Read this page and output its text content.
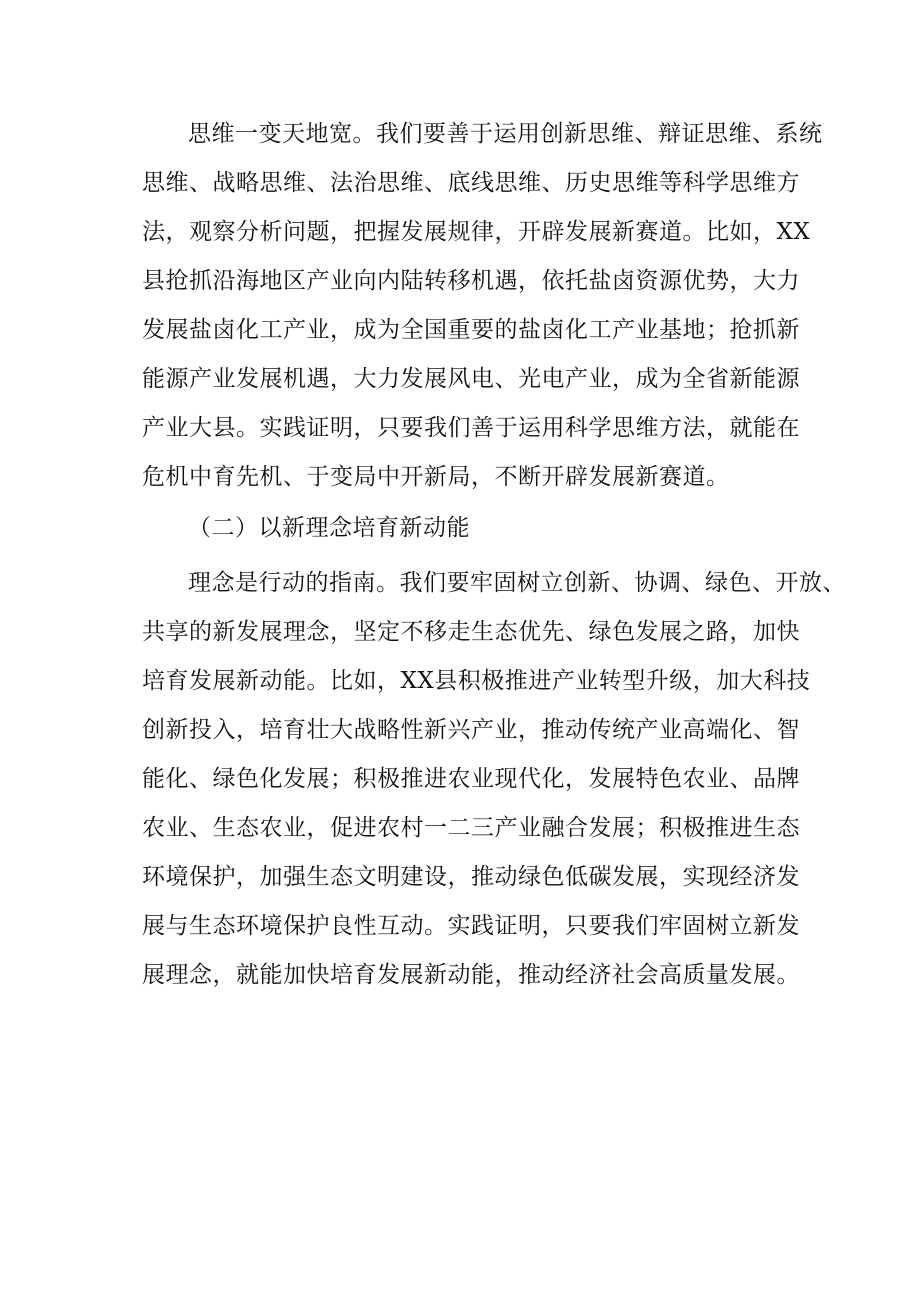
思维一变天地宽。我们要善于运用创新思维、辩证思维、系统
思维、战略思维、法治思维、底线思维、历史思维等科学思维方
法，观察分析问题，把握发展规律，开辟发展新赛道。比如，XX
县抢抓沿海地区产业向内陆转移机遇，依托盐卤资源优势，大力
发展盐卤化工产业，成为全国重要的盐卤化工产业基地；抢抓新
能源产业发展机遇，大力发展风电、光电产业，成为全省新能源
产业大县。实践证明，只要我们善于运用科学思维方法，就能在
危机中育先机、于变局中开新局，不断开辟发展新赛道。
（二）以新理念培育新动能
理念是行动的指南。我们要牢固树立创新、协调、绿色、开放、
共享的新发展理念，坚定不移走生态优先、绿色发展之路，加快
培育发展新动能。比如，XX县积极推进产业转型升级，加大科技
创新投入，培育壮大战略性新兴产业，推动传统产业高端化、智
能化、绿色化发展；积极推进农业现代化，发展特色农业、品牌
农业、生态农业，促进农村一二三产业融合发展；积极推进生态
环境保护，加强生态文明建设，推动绿色低碳发展，实现经济发
展与生态环境保护良性互动。实践证明，只要我们牢固树立新发
展理念，就能加快培育发展新动能，推动经济社会高质量发展。
